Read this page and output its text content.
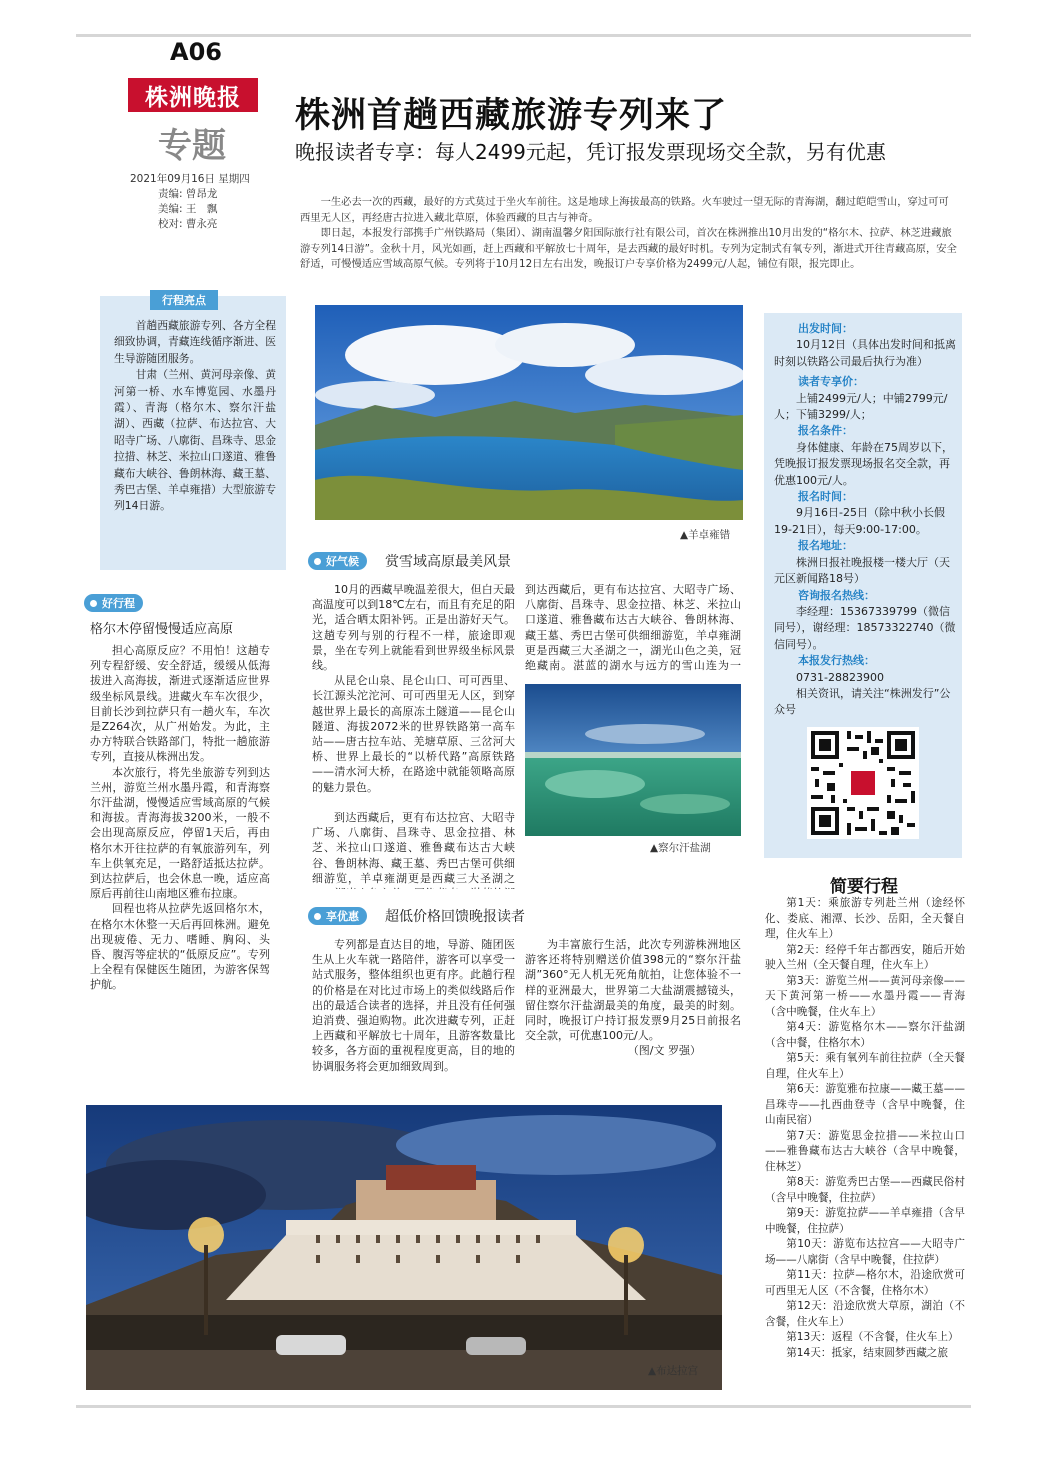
A06
株洲晚报
专题
2021年09月16日 星期四
责编: 曾昂龙
美编: 王　飘
校对: 曹永亮
株洲首趟西藏旅游专列来了
晚报读者专享：每人2499元起，凭订报发票现场交全款，另有优惠

一生必去一次的西藏，最好的方式莫过于坐火车前往。这是地球上海拔最高的铁路。火车驶过一望无际的青海湖，翻过皑皑雪山，穿过可可西里无人区，再经唐古拉进入藏北草原，体验西藏的旦古与神奇。

即日起，本报发行部携手广州铁路局（集团）、湖南温馨夕阳国际旅行社有限公司，首次在株洲推出10月出发的“格尔木、拉萨、林芝进藏旅游专列14日游”。金秋十月，风光如画，赶上西藏和平解放七十周年，是去西藏的最好时机。专列为定制式有氧专列，渐进式开往青藏高原，安全舒适，可慢慢适应雪域高原气候。专列将于10月12日左右出发，晚报订户专享价格为2499元/人起，铺位有限，报完即止。

行程亮点

首趟西藏旅游专列、各方全程细致协调，青藏连线循序渐进、医生导游随团服务。

甘肃（兰州、黄河母亲像、黄河第一桥、水车博览园、水墨丹霞）、青海（格尔木、察尔汗盐湖）、西藏（拉萨、布达拉宫、大昭寺广场、八廓街、昌珠寺、思金拉措、林芝、米拉山口遂道、雅鲁藏布大峡谷、鲁朗林海、藏王墓、秀巴古堡、羊卓雍措）大型旅游专列14日游。

▲羊卓雍错

出发时间：

10月12日（具体出发时间和抵离时刻以铁路公司最后执行为准）

读者专享价：

上铺2499元/人；中铺2799元/人；下铺3299/人；

报名条件：

身体健康、年龄在75周岁以下，凭晚报订报发票现场报名交全款，再优惠100元/人。

报名时间：

9月16日-25日（除中秋小长假19-21日），每天9:00-17:00。

报名地址：

株洲日报社晚报楼一楼大厅（天元区新闻路18号）

咨询报名热线：

李经理：15367339799（微信同号），谢经理：18573322740（微信同号）。

本报发行热线：

0731-28823900

相关资讯，请关注“株洲发行”公众号

株洲发行
好行程
格尔木停留慢慢适应高原

担心高原反应？不用怕！这趟专列专程舒缓、安全舒适，缓缓从低海拔进入高海拔，渐进式逐渐适应世界级坐标风景线。进藏火车车次很少，目前长沙到拉萨只有一趟火车，车次是Z264次，从广州始发。为此，主办方特联合铁路部门，特批一趟旅游专列，直接从株洲出发。

本次旅行，将先坐旅游专列到达兰州，游览兰州水墨丹霞，和青海察尔汗盐湖，慢慢适应雪域高原的气候和海拔。青海海拔3200米，一般不会出现高原反应，停留1天后，再由格尔木开往拉萨的有氧旅游列车，列车上供氧充足，一路舒适抵达拉萨。到达拉萨后，也会休息一晚，适应高原后再前往山南地区雅布拉康。

回程也将从拉萨先返回格尔木，在格尔木休整一天后再回株洲。避免出现疲倦、无力、嗜睡、胸闷、头昏、腹泻等症状的“低原反应”。专列上全程有保健医生随团，为游客保驾护航。

好气候 赏雪域高原最美风景

10月的西藏早晚温差很大，但白天最高温度可以到18℃左右，而且有充足的阳光，适合晒太阳补钙。正是出游好天气。这趟专列与别的行程不一样，旅途即观景，坐在专列上就能看到世界级坐标风景线。

从昆仑山泉、昆仑山口、可可西里、长江源头沱沱河、可可西里无人区，到穿越世界上最长的高原冻土隧道——昆仑山隧道、海拔2072米的世界铁路第一高车站——唐古拉车站、羌塘草原、三岔河大桥、世界上最长的“以桥代路”高原铁路——清水河大桥，在路途中就能领略高原的魅力景色。

到达西藏后，更有布达拉宫、大昭寺广场、八廓街、昌珠寺、思金拉措、林芝、米拉山口遂道、雅鲁藏布达古大峡谷、鲁朗林海、藏王墓、秀巴古堡可供细细游览，羊卓雍湖更是西藏三大圣湖之

到达西藏后，更有布达拉宫、大昭寺广场、八廓街、昌珠寺、思金拉措、林芝、米拉山口遂道、雅鲁藏布达古大峡谷、鲁朗林海、藏王墓、秀巴古堡可供细细游览，羊卓雍湖更是西藏三大圣湖之一，湖光山色之美，冠绝藏南。湛蓝的湖水与远方的雪山连为一

▲察尔汗盐湖
享优惠 超低价格回馈晚报读者

专列都是直达目的地，导游、随团医生从上火车就一路陪伴，游客可以享受一站式服务，整体组织也更有序。此趟行程的价格是在对比过市场上的类似线路后作出的最适合读者的选择，并且没有任何强迫消费、强迫购物。此次进藏专列，正赶上西藏和平解放七十周年，且游客数量比较多，各方面的重视程度更高，目的地的协调服务将会更加细致周到。

为丰富旅行生活，此次专列游株洲地区游客还将特别赠送价值398元的“察尔汗盐湖”360°无人机无死角航拍，让您体验不一样的亚洲最大，世界第二大盐湖震撼镜头，留住察尔汗盐湖最美的角度，最美的时刻。同时，晚报订户持订报发票9月25日前报名交全款，可优惠100元/人。

（图/文 罗强）

▲布达拉宫
简要行程

第1天：乘旅游专列赴兰州（途经怀化、娄底、湘潭、长沙、岳阳，全天餐自理，住火车上）

第2天：经停千年古都西安，随后开始驶入兰州（全天餐自理，住火车上）

第3天：游览兰州——黄河母亲像——天下黄河第一桥——水墨丹霞——青海（含中晚餐，住火车上）

第4天：游览格尔木——察尔汗盐湖（含中餐，住格尔木）

第5天：乘有氧列车前往拉萨（全天餐自理，住火车上）

第6天：游览雅布拉康——藏王墓——昌珠寺——扎西曲登寺（含早中晚餐，住山南民宿）

第7天：游览思金拉措——米拉山口——雅鲁藏布达古大峡谷（含早中晚餐，住林芝）

第8天：游览秀巴古堡——西藏民俗村（含早中晚餐，住拉萨）

第9天：游览拉萨——羊卓雍措（含早中晚餐，住拉萨）

第10天：游览布达拉宫——大昭寺广场——八廓街（含早中晚餐，住拉萨）

第11天：拉萨—格尔木，沿途欣赏可可西里无人区（不含餐，住格尔木）

第12天：沿途欣赏大草原，湖泊（不含餐，住火车上）

第13天：返程（不含餐，住火车上）

第14天：抵家，结束圆梦西藏之旅
